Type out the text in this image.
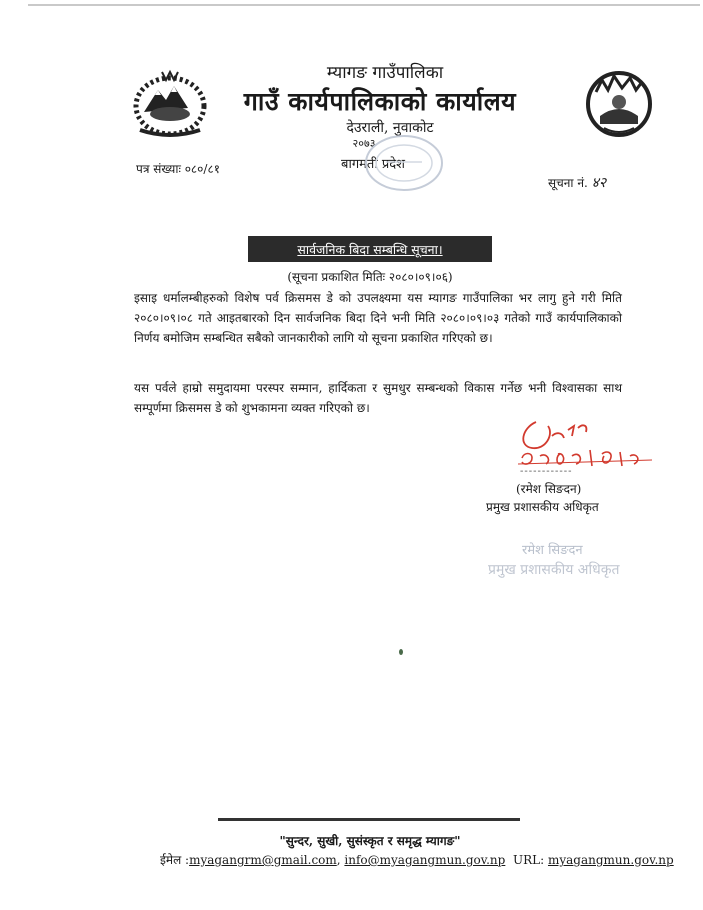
म्यागङ गाउँपालिका
गाउँ कार्यपालिकाको कार्यालय
देउराली, नुवाकोट
२०७३
बागमती प्रदेश
पत्र संख्याः ०८०/८१
सूचना नं. ४२
सार्वजनिक बिदा सम्बन्धि सूचना।
(सूचना प्रकाशित मितिः २०८०।०९।०६)
इसाइ धर्मालम्बीहरुको विशेष पर्व क्रिसमस डे को उपलक्ष्यमा यस म्यागङ गाउँपालिका भर लागु हुने गरी मिति २०८०।०९।०८ गते आइतबारको दिन सार्वजनिक बिदा दिने भनी मिति २०८०।०९।०३ गतेको गाउँ कार्यपालिकाको निर्णय बमोजिम सम्बन्धित सबैको जानकारीको लागि यो सूचना प्रकाशित गरिएको छ।
यस पर्वले हाम्रो समुदायमा परस्पर सम्मान, हार्दिकता र सुमधुर सम्बन्धको विकास गर्नेछ भनी विश्वासका साथ सम्पूर्णमा क्रिसमस डे को शुभकामना व्यक्त गरिएको छ।
------------
(रमेश सिङदन)
प्रमुख प्रशासकीय अधिकृत
रमेश सिङदन
प्रमुख प्रशासकीय अधिकृत
"सुन्दर, सुखी, सुसंस्कृत र समृद्ध म्यागङ"
ईमेल :myagangrm@gmail.com, info@myagangmun.gov.np URL: myagangmun.gov.np
